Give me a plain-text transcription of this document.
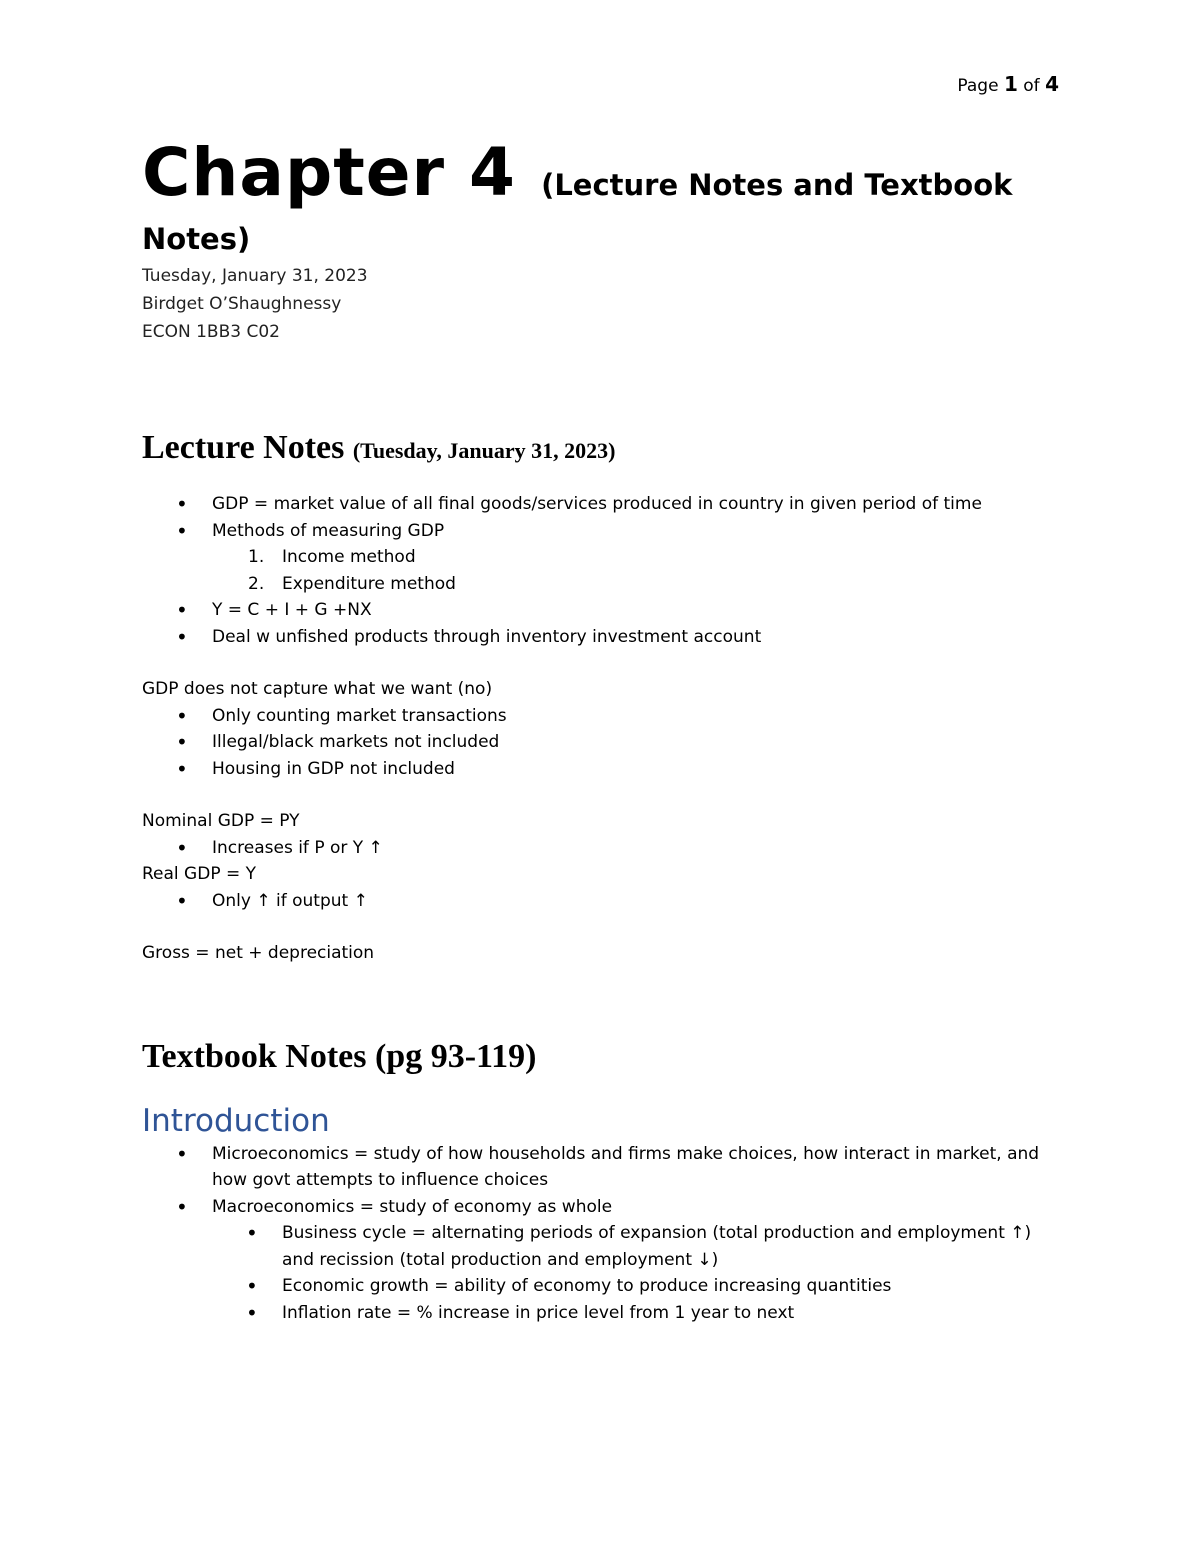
Page 1 of 4
Chapter 4 (Lecture Notes and Textbook
Notes)
Tuesday, January 31, 2023
Birdget O’Shaughnessy
ECON 1BB3 C02
Lecture Notes (Tuesday, January 31, 2023)
• GDP = market value of all final goods/services produced in country in given period of time
• Methods of measuring GDP
1. Income method
2. Expenditure method
• Y = C + I + G +NX
• Deal w unfished products through inventory investment account
GDP does not capture what we want (no)
• Only counting market transactions
• Illegal/black markets not included
• Housing in GDP not included
Nominal GDP = PY
• Increases if P or Y ↑
Real GDP = Y
• Only ↑ if output ↑
Gross = net + depreciation
Textbook Notes (pg 93-119)
Introduction
• Microeconomics = study of how households and firms make choices, how interact in market, and how govt attempts to influence choices
• Macroeconomics = study of economy as whole
• Business cycle = alternating periods of expansion (total production and employment ↑) and recission (total production and employment ↓)
• Economic growth = ability of economy to produce increasing quantities
• Inflation rate = % increase in price level from 1 year to next
